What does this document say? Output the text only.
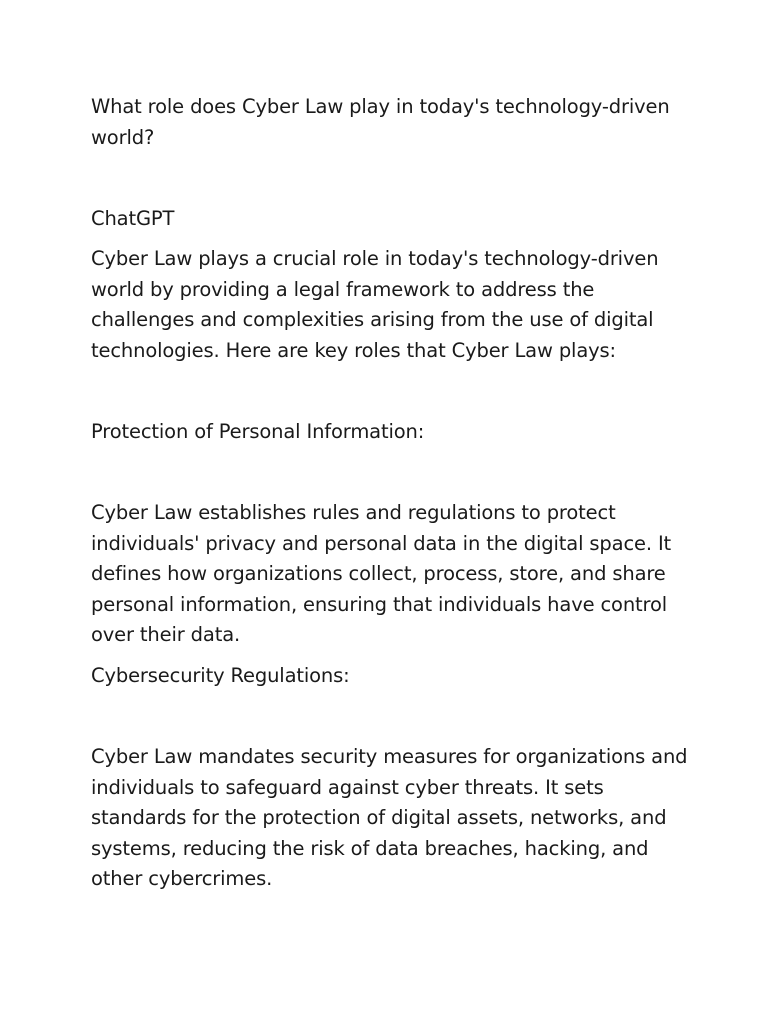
What role does Cyber Law play in today's technology-driven world?

ChatGPT

Cyber Law plays a crucial role in today's technology-driven world by providing a legal framework to address the challenges and complexities arising from the use of digital technologies. Here are key roles that Cyber Law plays:

Protection of Personal Information:

Cyber Law establishes rules and regulations to protect individuals' privacy and personal data in the digital space. It defines how organizations collect, process, store, and share personal information, ensuring that individuals have control over their data.

Cybersecurity Regulations:

Cyber Law mandates security measures for organizations and individuals to safeguard against cyber threats. It sets standards for the protection of digital assets, networks, and systems, reducing the risk of data breaches, hacking, and other cybercrimes.
